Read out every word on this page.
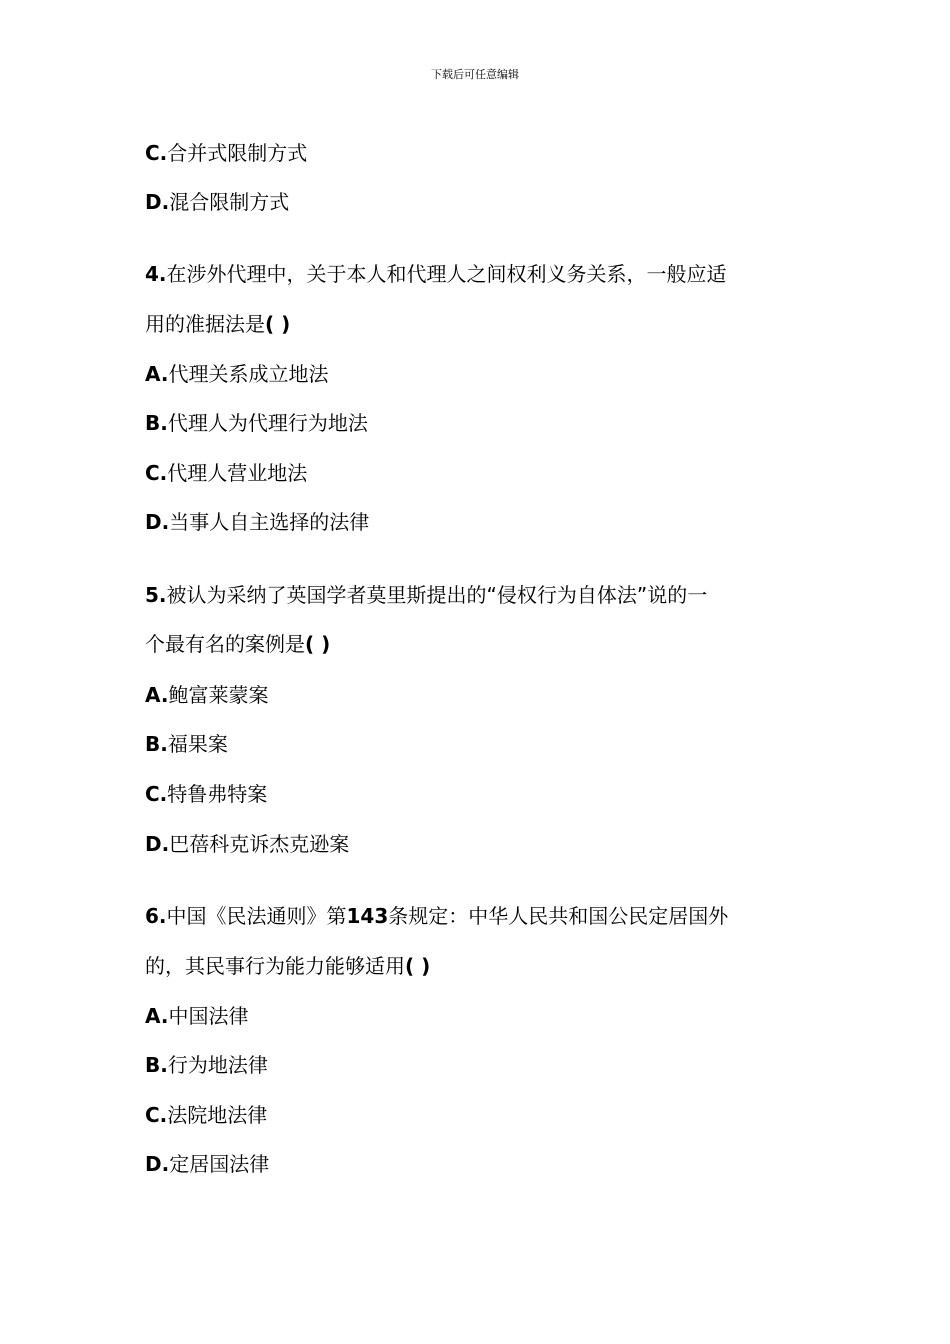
下载后可任意编辑
C.合并式限制方式
D.混合限制方式
4.在涉外代理中，关于本人和代理人之间权利义务关系，一般应适
用的准据法是( )
A.代理关系成立地法
B.代理人为代理行为地法
C.代理人营业地法
D.当事人自主选择的法律
5.被认为采纳了英国学者莫里斯提出的“侵权行为自体法”说的一
个最有名的案例是( )
A.鲍富莱蒙案
B.福果案
C.特鲁弗特案
D.巴蓓科克诉杰克逊案
6.中国《民法通则》第143条规定：中华人民共和国公民定居国外
的，其民事行为能力能够适用( )
A.中国法律
B.行为地法律
C.法院地法律
D.定居国法律
